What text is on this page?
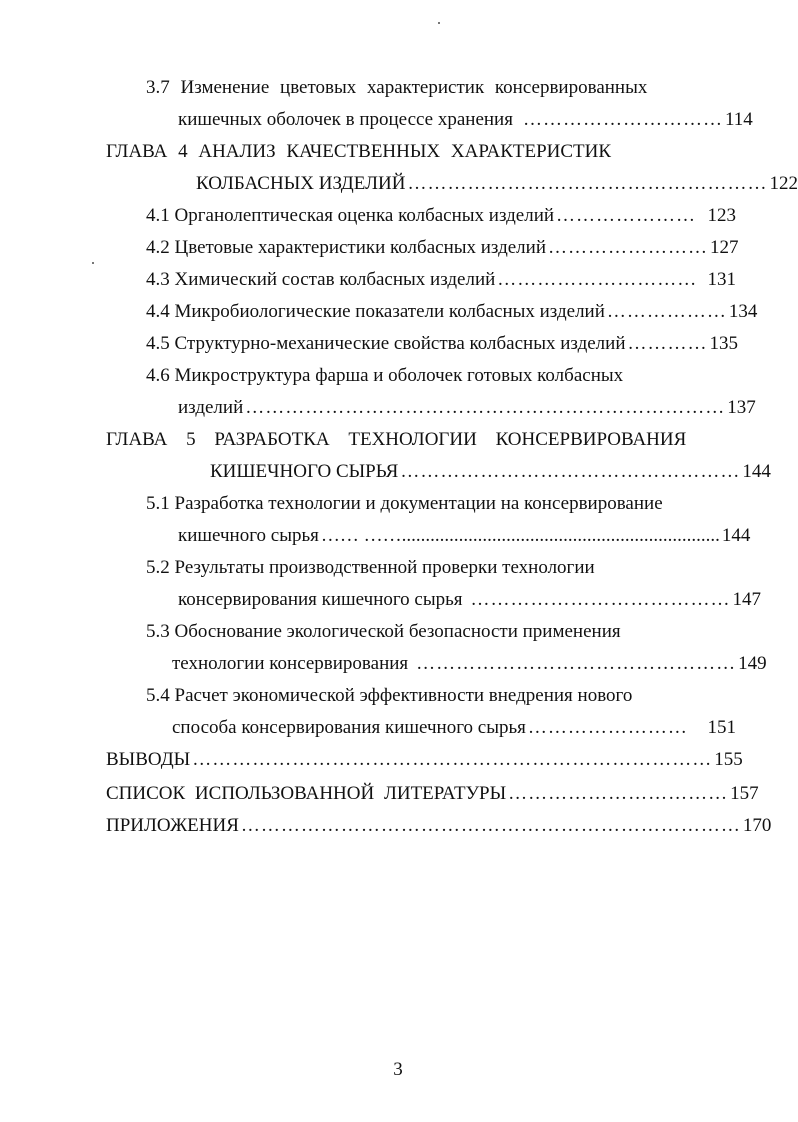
3.7 Изменение цветовых характеристик консервированных
кишечных оболочек в процессе хранения ………………………… 114
ГЛАВА 4 АНАЛИЗ КАЧЕСТВЕННЫХ ХАРАКТЕРИСТИК
КОЛБАСНЫХ ИЗДЕЛИЙ ……………………………………………… 122
4.1 Органолептическая оценка колбасных изделий ………………… 123
4.2 Цветовые характеристики колбасных изделий …………………… 127
4.3 Химический состав колбасных изделий ………………………… 131
4.4 Микробиологические показатели колбасных изделий ……………… 134
4.5 Структурно-механические свойства колбасных изделий ………… 135
4.6 Микроструктура фарша и оболочек готовых колбасных
изделий ……………………………………………………………… 137
ГЛАВА 5 РАЗРАБОТКА ТЕХНОЛОГИИ КОНСЕРВИРОВАНИЯ
КИШЕЧНОГО СЫРЬЯ …………………………………………… 144
5.1 Разработка технологии и документации на консервирование
кишечного сырья …… ……................................................................... 144
5.2 Результаты производственной проверки технологии
консервирования кишечного сырья ………………………………… 147
5.3 Обоснование экологической безопасности применения
технологии консервирования ………………………………………… 149
5.4 Расчет экономической эффективности внедрения нового
способа консервирования кишечного сырья ……………………	151
ВЫВОДЫ …………………………………………………………………… 155
СПИСОК ИСПОЛЬЗОВАННОЙ ЛИТЕРАТУРЫ …………………………… 157
ПРИЛОЖЕНИЯ ………………………………………………………………… 170
3
